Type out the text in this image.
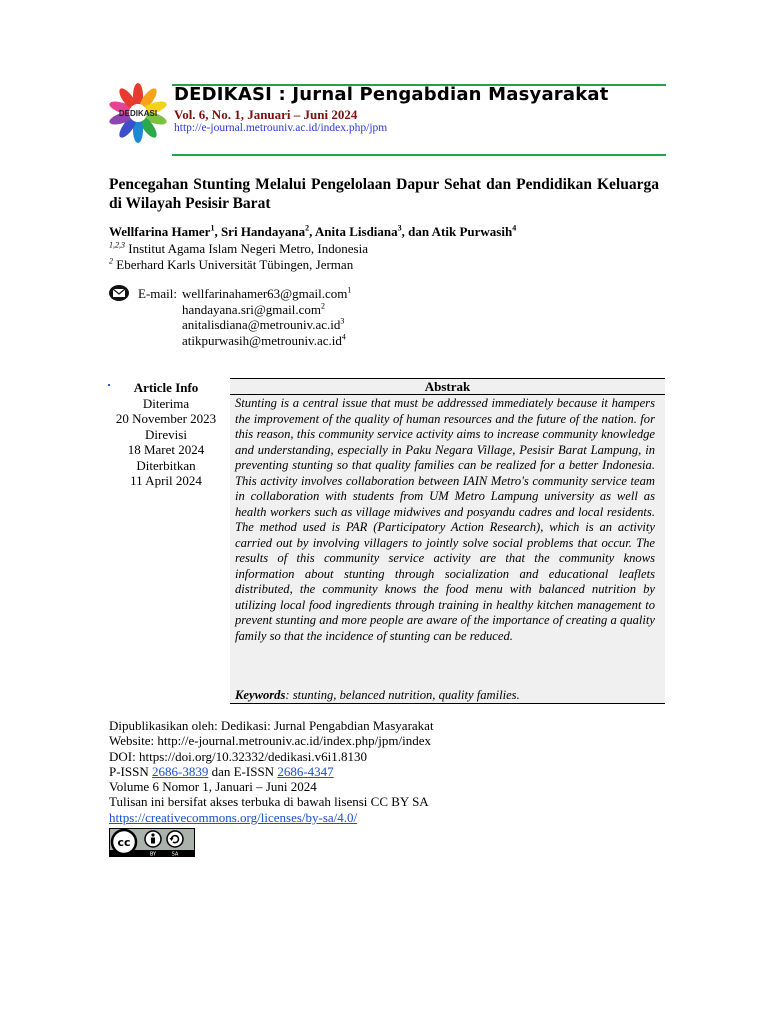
DEDIKASI
DEDIKASI : Jurnal Pengabdian Masyarakat
Vol. 6, No. 1, Januari – Juni 2024
http://e-journal.metrouniv.ac.id/index.php/jpm
Pencegahan Stunting Melalui Pengelolaan Dapur Sehat dan Pendidikan Keluarga di Wilayah Pesisir Barat
Wellfarina Hamer$^1$, Sri Handayana$^2$, Anita Lisdiana$^3$, dan Atik Purwasih$^4$
$^{1,2,3}$ Institut Agama Islam Negeri Metro, Indonesia
$^2$ Eberhard Karls Universität Tübingen, Jerman
E-mail: wellfarinahamer63@gmail.com$^1$
handayana.sri@gmail.com$^2$
$anitalisdiana@metrouniv.ac.id^3$
$atikpurwasih@metrouniv.ac.id^4$
Article Info
Diterima
20 November 2023
Direvisi
18 Maret 2024
Diterbitkan
11 April 2024
Abstrak
Stunting is a central issue that must be addressed immediately because it hampers the improvement of the quality of human resources and the future of the nation. for this reason, this community service activity aims to increase community knowledge and understanding, especially in Paku Negara Village, Pesisir Barat Lampung, in preventing stunting so that quality families can be realized for a better Indonesia. This activity involves collaboration between IAIN Metro's community service team in collaboration with students from UM Metro Lampung university as well as health workers such as village midwives and posyandu cadres and local residents. The method used is PAR (Participatory Action Research), which is an activity carried out by involving villagers to jointly solve social problems that occur. The results of this community service activity are that the community knows information about stunting through socialization and educational leaflets distributed, the community knows the food menu with balanced nutrition by utilizing local food ingredients through training in healthy kitchen management to prevent stunting and more people are aware of the importance of creating a quality family so that the incidence of stunting can be reduced.
Keywords: stunting, belanced nutrition, quality families.
Dipublikasikan oleh: Dedikasi: Jurnal Pengabdian Masyarakat
Website: http://e-journal.metrouniv.ac.id/index.php/jpm/index
DOI: https://doi.org/10.32332/dedikasi.v6i1.8130
P-ISSN 2686-3839 dan E-ISSN 2686-4347
Volume 6 Nomor 1, Januari – Juni 2024
Tulisan ini bersifat akses terbuka di bawah lisensi CC BY SA
https://creativecommons.org/licenses/by-sa/4.0/
cc
BY	SA
